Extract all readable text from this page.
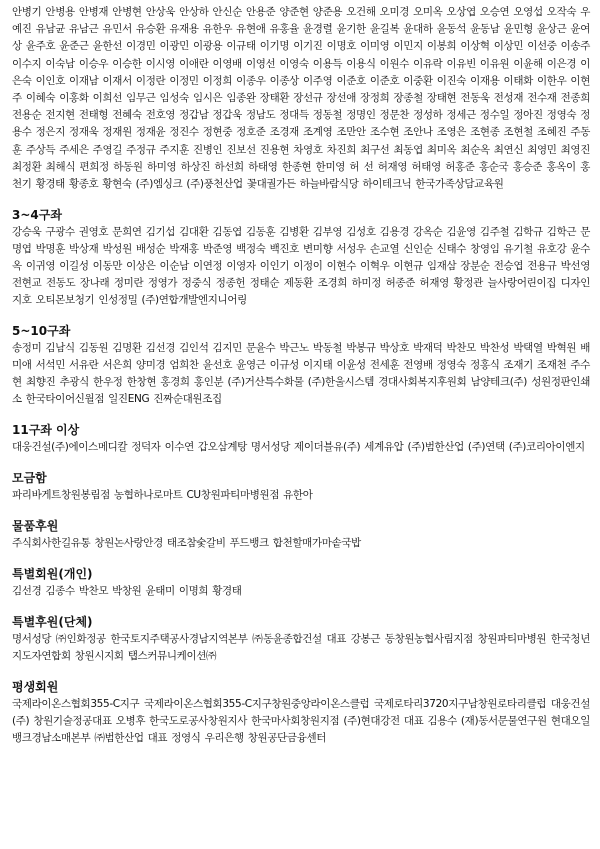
안병기 안병용 안병재 안병현 안상욱 안상하 안신순 안용준 양준현 양준용 오건해 오미경 오미옥 오상엽 오승연 오영섭 오작숙 우예진 유남균 유남근 유민서 유승환 유재용 유한우 유현애 유홍율 윤경렬 윤기한 윤길복 윤대하 윤동석 윤동남 윤민형 윤상근 윤여상 윤주호 윤준근 윤한선 이경민 이광민 이광용 이규태 이기명 이기진 이명호 이미영 이민지 이봉희 이상혁 이상민 이선중 이송주 이수지 이숙남 이승우 이승한 이시영 이애란 이영배 이영선 이영숙 이용득 이용식 이원수 이유락 이유빈 이유원 이윤해 이은경 이은숙 이인호 이재남 이재서 이정란 이정민 이정희 이종우 이종상 이주영 이준호 이준호 이중환 이진숙 이재용 이태화 이한우 이현주 이혜숙 이홍화 이희선 임무근 임성숙 임시은 임종완 장태환 장선규 장선애 장정희 장종철 장태현 전동욱 전성재 전수재 전종희 전용순 전지현 전태형 전혜숙 전호영 정갑남 정갑욱 정남도 정대득 정동철 정명인 정문찬 정성하 정세근 정수일 정아진 정영숙 정용수 정은지 정재욱 정재원 정재윤 정진수 정현중 정호준 조경재 조계영 조만안 조수현 조안나 조영은 조현종 조현철 조혜진 주동훈 주상득 주세은 주영길 주정규 주지훈 진병인 진보선 진용현 차영호 차진희 최구선 최동엽 최미옥 최순옥 최연신 최영민 최영진 최정환 최해식 편희정 하동원 하미영 하상진 하선희 하태영 한종현 한미영 허 선 허재영 허태영 허홍준 홍순국 홍승준 홍옥이 홍천기 황경태 황종호 황현숙 (주)엠싱크 (주)풍천산업 꽃대궐가든 하늘바람식당 하이테크닉 한국가족상담교육원
3~4구좌
강승욱 구광수 권영호 문희연 김기섭 김대환 김동엽 김동훈 김병환 김부영 김성호 김용경 강옥순 김윤영 김주철 김학규 김학근 문명엽 박명훈 박상재 박성원 배성순 박재홍 박준영 백정숙 백진호 변미향 서성우 손교열 신인순 신태수 창영임 유기철 유호강 윤수옥 이귀영 이길성 이동만 이상은 이순남 이연정 이영자 이인기 이정이 이현수 이혁우 이현규 임재삼 장분순 전승엽 전용규 박선영 전현교 전동도 장나래 정미란 정영가 정중식 정종헌 정태순 제동환 조경희 하미정 허종준 허재영 황정관 늘사랑어린이집 디자인지호 오티몬보청기 인성정밀 (주)연합개발엔지니어링
5~10구좌
송정미 김남식 김동원 김명환 김선경 김인석 김지민 문윤수 박근노 박동철 박봉규 박상호 박재덕 박찬모 박찬성 박택열 박혁원 배미애 서석민 서유란 서은희 양미경 엄희찬 윤선호 윤영근 이규성 이지태 이윤성 전세훈 전영배 정영숙 정홍식 조재기 조재천 주수현 최향진 추광식 한우정 한창현 홍경희 홍인분 (주)거산특수화물 (주)한울시스템 경대사회복지후원회 남양테크(주) 성원정판인쇄소 한국타이어신월점 일진ENG 진짜순대원조집
11구좌 이상
대웅건설(주)에이스메디칼 정덕자 이수연 갑오삼계탕 명서성당 제이더블유(주) 세계유압 (주)범한산업 (주)연택 (주)코리아이엔지
모금함
파리바게트창원봉림점 농협하나로마트 CU창원파티마병원점 유한아
물품후원
주식회사한길유통 창원논사랑안경 태조참숯갈비 푸드뱅크 합천할매가마솥국밥
특별회원(개인)
김선경 김종수 박찬모 박창원 윤태미 이명희 황경태
특별후원(단체)
명서성당 ㈜인화정공 한국토지주택공사경남지역본부 ㈜동윤종합건설 대표 강봉근 동창원농협사림지점 창원파티마병원 한국청년지도자연합회 창원시지회 탭스커뮤니케이션㈜
평생회원
국제라이온스협회355-C지구 국제라이온스협회355-C지구창원중앙라이온스클럽 국제로타리3720지구남창원로타리클럽 대웅건설(주) 창원기술정공대표 오병후 한국도로공사창원지사 한국마사회창원지점 (주)현대강전 대표 김용수 (재)동서문물연구원 현대오일뱅크경남소매본부 ㈜범한산업 대표 정영식 우리은행 창원공단금융센터
